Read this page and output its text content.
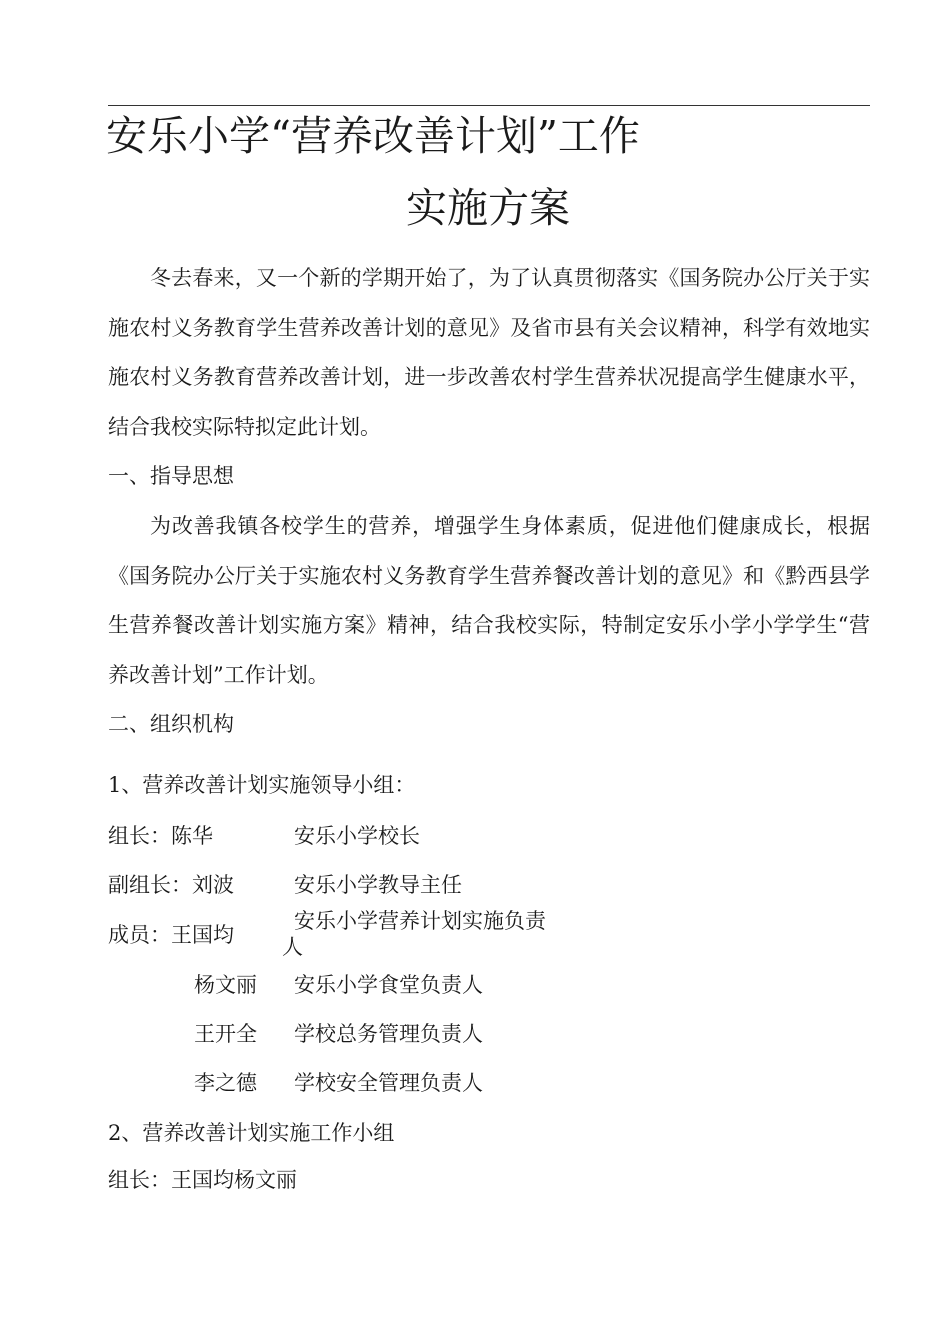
安乐小学“营养改善计划”工作
实施方案

冬去春来，又一个新的学期开始了，为了认真贯彻落实《国务院办公厅关于实施农村义务教育学生营养改善计划的意见》及省市县有关会议精神，科学有效地实施农村义务教育营养改善计划，进一步改善农村学生营养状况提高学生健康水平，结合我校实际特拟定此计划。

一、指导思想

为改善我镇各校学生的营养，增强学生身体素质，促进他们健康成长，根据《国务院办公厅关于实施农村义务教育学生营养餐改善计划的意见》和《黔西县学生营养餐改善计划实施方案》精神，结合我校实际，特制定安乐小学小学学生“营养改善计划”工作计划。

二、组织机构

1、营养改善计划实施领导小组：

组长：陈华	安乐小学校长
副组长：刘波	安乐小学教导主任
成员：王国均
安乐小学营养计划实施负责
人
杨文丽 安乐小学食堂负责人
王开全 学校总务管理负责人
李之德 学校安全管理负责人

2、营养改善计划实施工作小组

组长：王国均杨文丽
